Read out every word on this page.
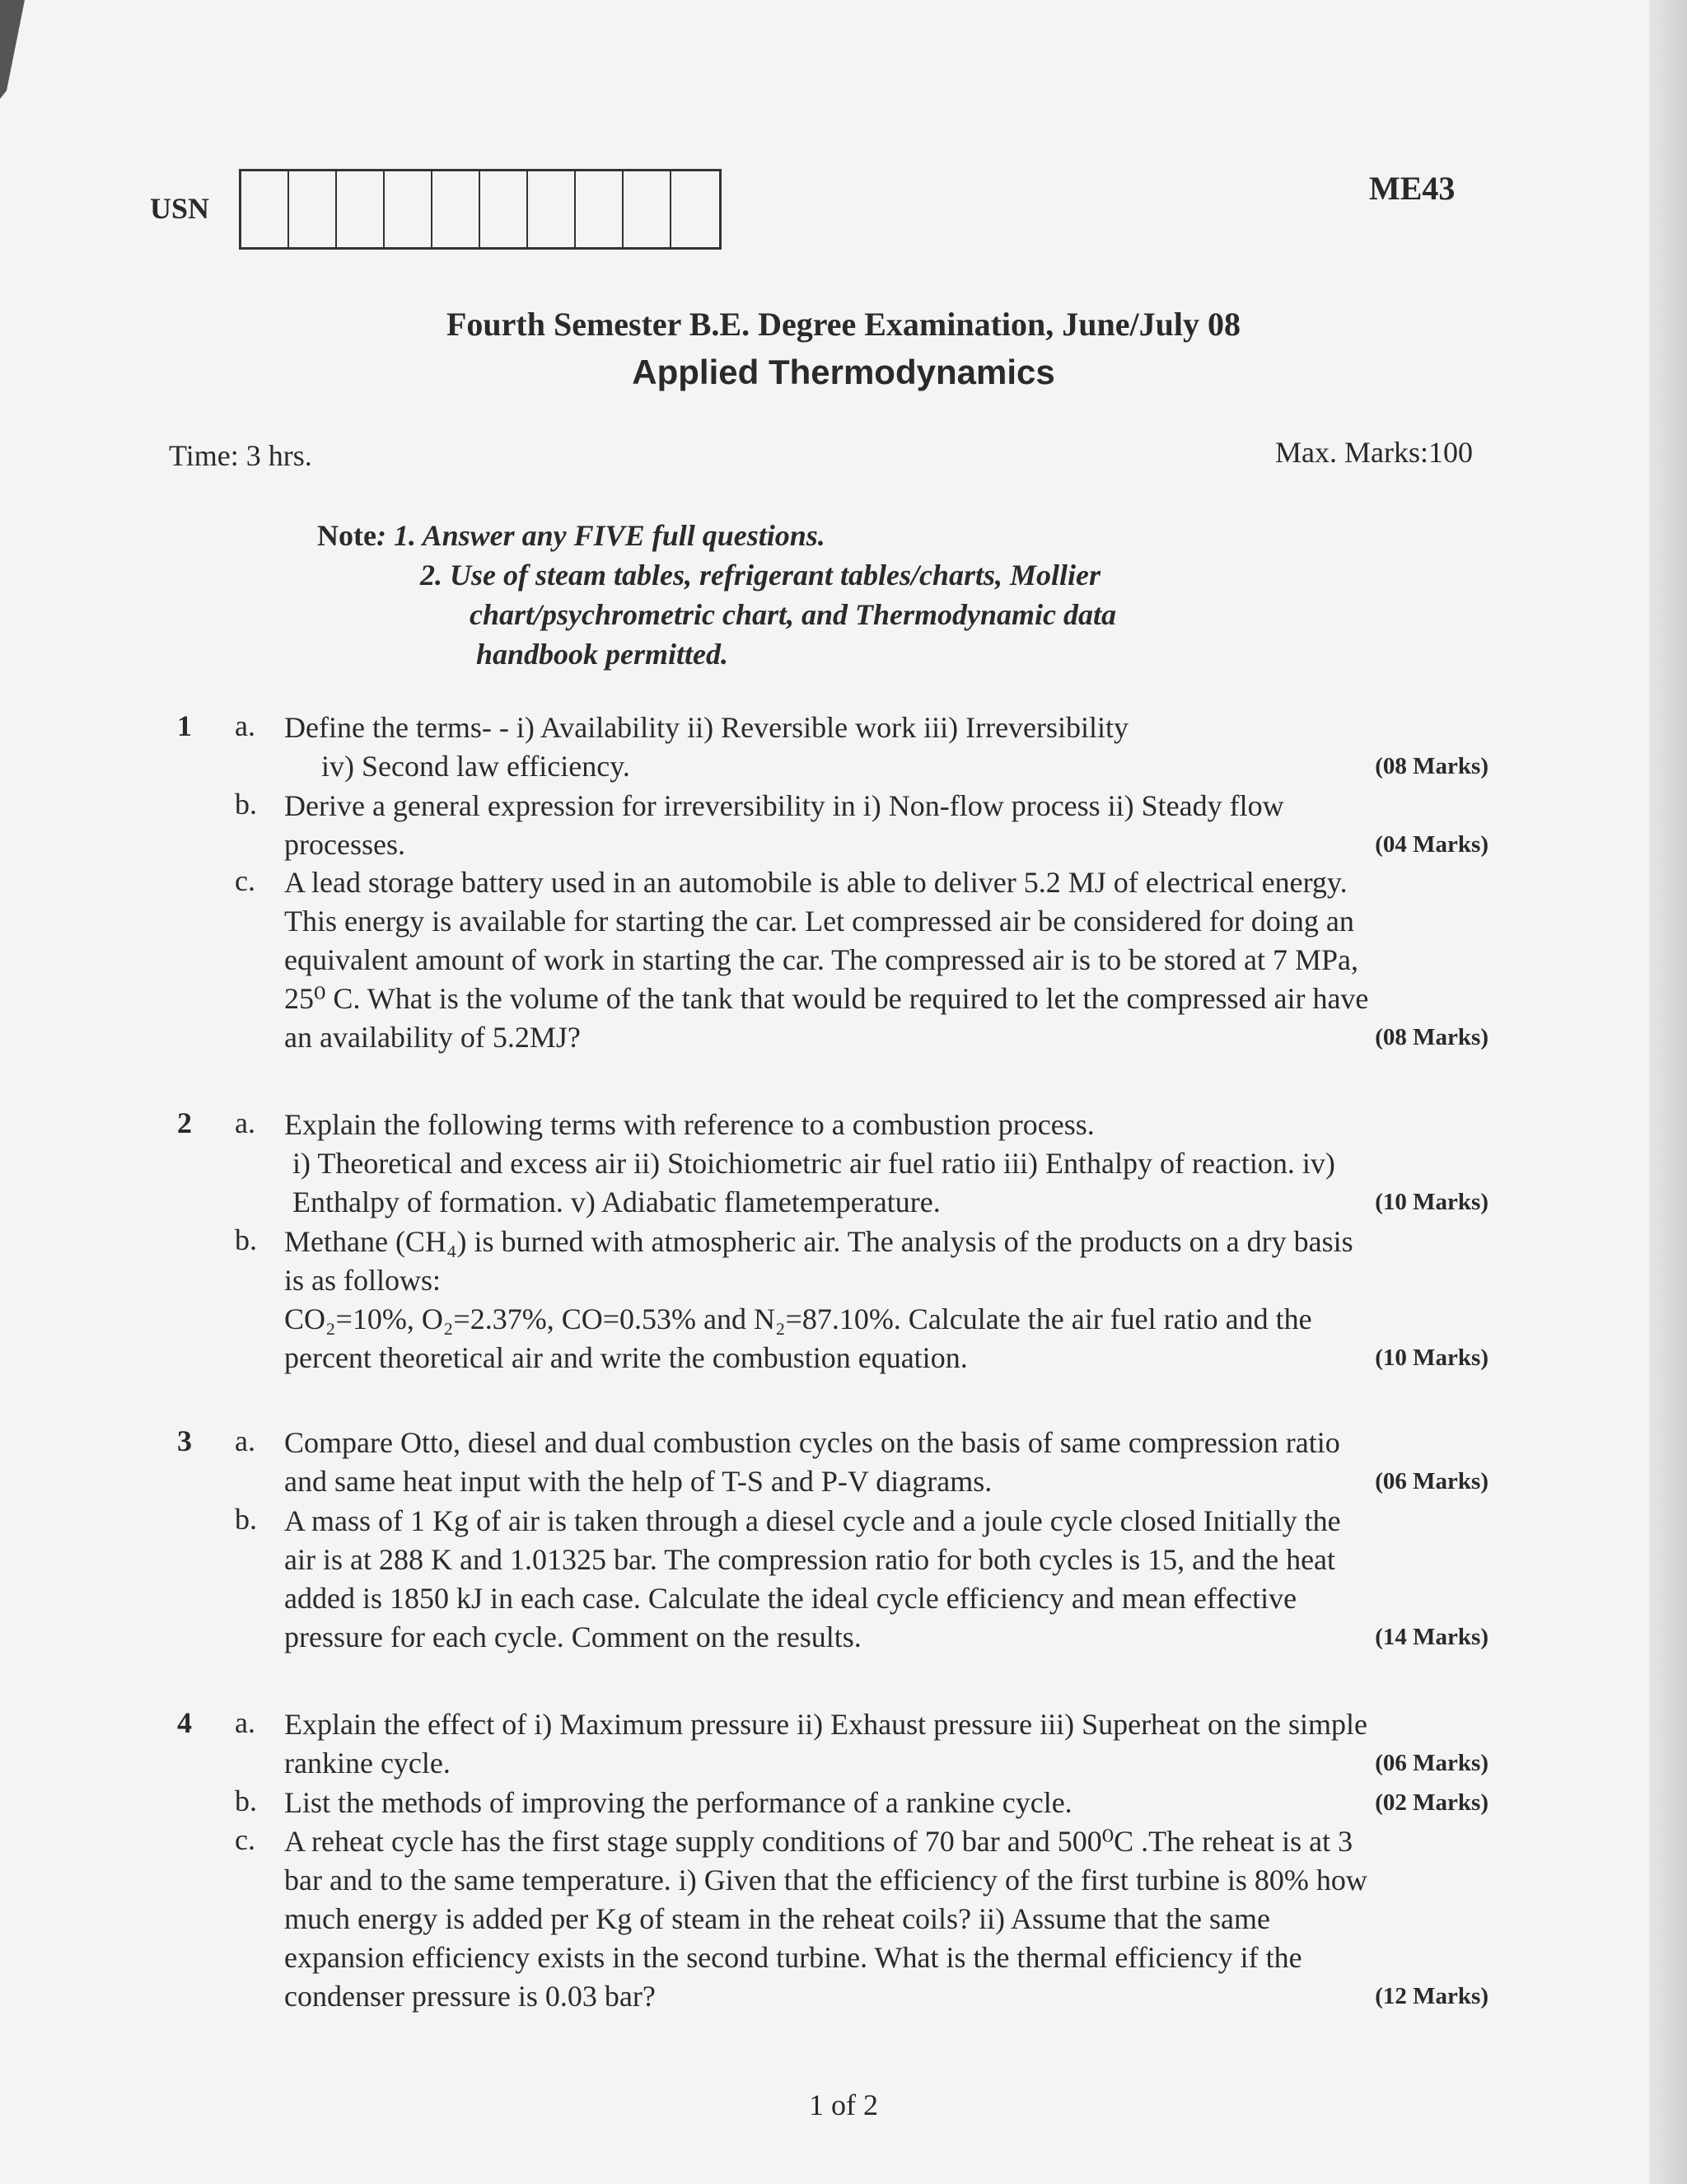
USN
ME43
Fourth Semester B.E. Degree Examination, June/July 08
Applied Thermodynamics
Time: 3 hrs.	Max. Marks:100
Note: 1. Answer any FIVE full questions.
2. Use of steam tables, refrigerant tables/charts, Mollier
chart/psychrometric chart, and Thermodynamic data
handbook permitted.
1 a. Define the terms- - i) Availability ii) Reversible work iii) Irreversibility
(08 Marks)
iv) Second law efficiency.
b. Derive a general expression for irreversibility in i) Non-flow process ii) Steady flow
(04 Marks)
processes.
c. A lead storage battery used in an automobile is able to deliver 5.2 MJ of electrical energy.
This energy is available for starting the car. Let compressed air be considered for doing an
equivalent amount of work in starting the car. The compressed air is to be stored at 7 MPa,
25⁰ C. What is the volume of the tank that would be required to let the compressed air have
(08 Marks)
an availability of 5.2MJ?
2 a. Explain the following terms with reference to a combustion process.
i) Theoretical and excess air ii) Stoichiometric air fuel ratio iii) Enthalpy of reaction. iv)
(10 Marks)
Enthalpy of formation. v) Adiabatic flametemperature.
b. Methane (CH₄) is burned with atmospheric air. The analysis of the products on a dry basis
is as follows:
CO₂=10%, O₂=2.37%, CO=0.53% and N₂=87.10%. Calculate the air fuel ratio and the
(10 Marks)
percent theoretical air and write the combustion equation.
3 a. Compare Otto, diesel and dual combustion cycles on the basis of same compression ratio
(06 Marks)
and same heat input with the help of T-S and P-V diagrams.
b. A mass of 1 Kg of air is taken through a diesel cycle and a joule cycle closed Initially the
air is at 288 K and 1.01325 bar. The compression ratio for both cycles is 15, and the heat
added is 1850 kJ in each case. Calculate the ideal cycle efficiency and mean effective
(14 Marks)
pressure for each cycle. Comment on the results.
4 a. Explain the effect of i) Maximum pressure ii) Exhaust pressure iii) Superheat on the simple
(06 Marks)
rankine cycle.
b.	(02 Marks)
List the methods of improving the performance of a rankine cycle.
c. A reheat cycle has the first stage supply conditions of 70 bar and 500⁰C .The reheat is at 3
bar and to the same temperature. i) Given that the efficiency of the first turbine is 80% how
much energy is added per Kg of steam in the reheat coils? ii) Assume that the same
expansion efficiency exists in the second turbine. What is the thermal efficiency if the
(12 Marks)
condenser pressure is 0.03 bar?
1 of 2
